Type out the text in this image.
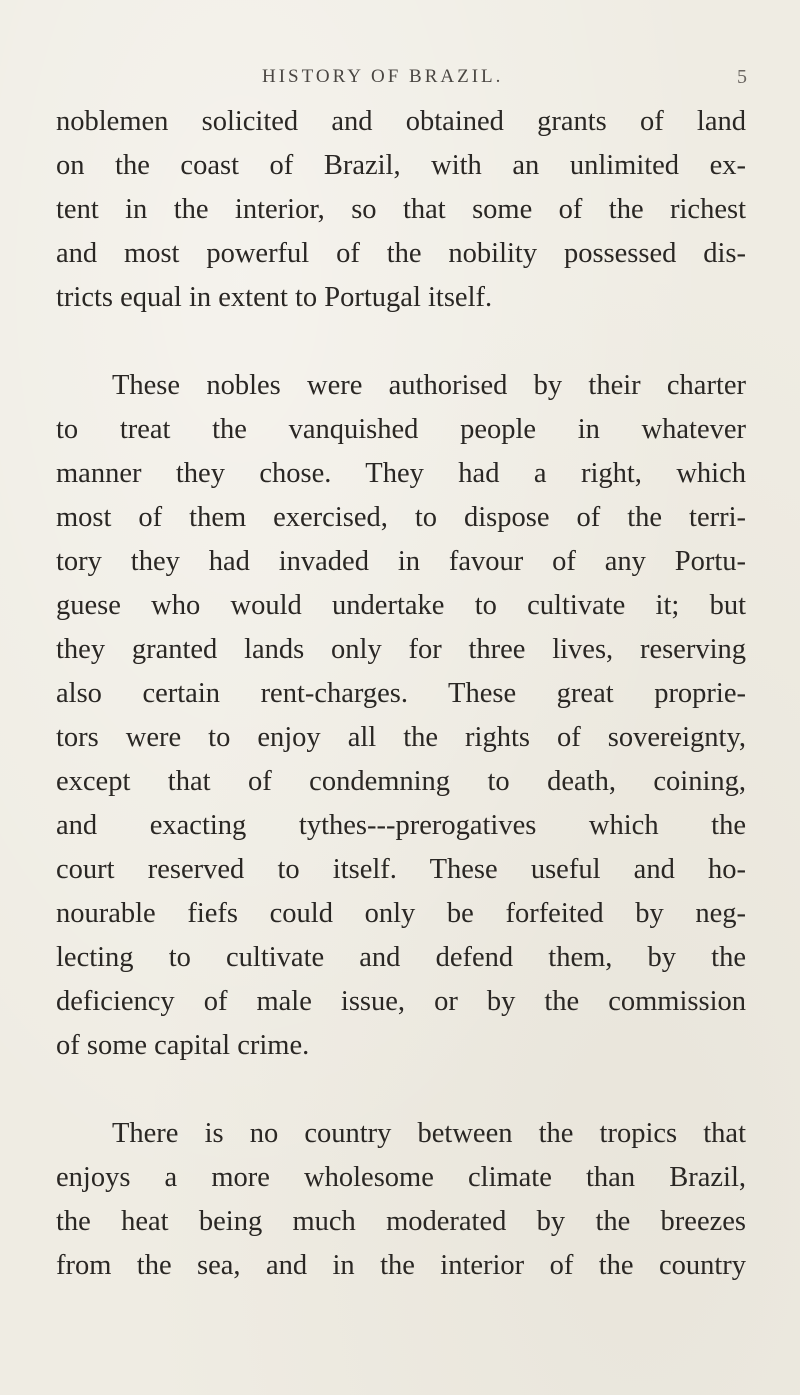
HISTORY OF BRAZIL.	5
noblemen solicited and obtained grants of land
on the coast of Brazil, with an unlimited ex-
tent in the interior, so that some of the richest
and most powerful of the nobility possessed dis-
tricts equal in extent to Portugal itself.
These nobles were authorised by their charter
to treat the vanquished people in whatever
manner they chose. They had a right, which
most of them exercised, to dispose of the terri-
tory they had invaded in favour of any Portu-
guese who would undertake to cultivate it; but
they granted lands only for three lives, reserving
also certain rent-charges. These great proprie-
tors were to enjoy all the rights of sovereignty,
except that of condemning to death, coining,
and exacting tythes---prerogatives which the
court reserved to itself. These useful and ho-
nourable fiefs could only be forfeited by neg-
lecting to cultivate and defend them, by the
deficiency of male issue, or by the commission
of some capital crime.
There is no country between the tropics that
enjoys a more wholesome climate than Brazil,
the heat being much moderated by the breezes
from the sea, and in the interior of the country
